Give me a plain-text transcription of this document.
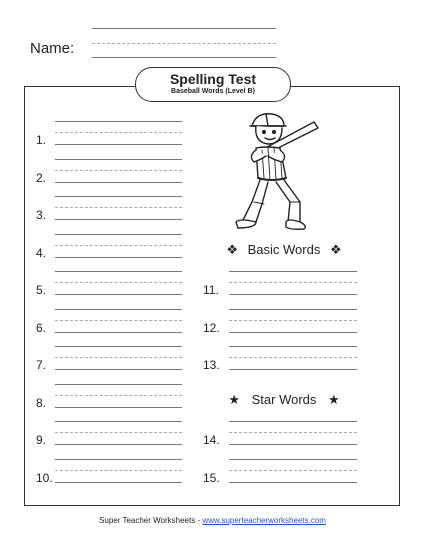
Name:
Spelling Test
Baseball Words (Level B)
1.
2.
3.
4.
5.
6.
7.
8.
9.
10.
❖ Basic Words ❖
11.
12.
13.
★ Star Words ★
14.
15.
Super Teacher Worksheets - www.superteacherworksheets.com
